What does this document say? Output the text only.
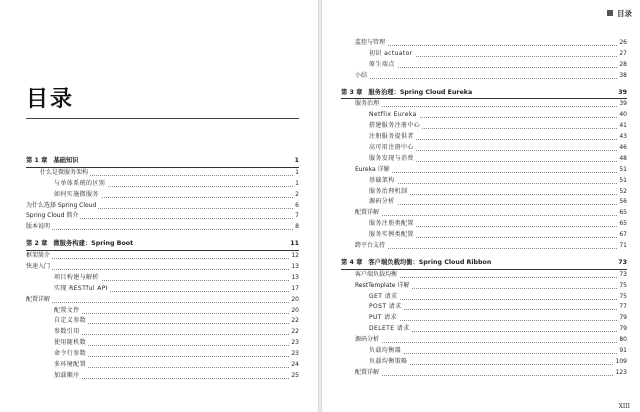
目录
第 1 章 基础知识	1
什么是微服务架构	1
与单体系统的区别	1
如何实施微服务	2
为什么选择 Spring Cloud	6
Spring Cloud 简介	7
版本说明	8
第 2 章 微服务构建：Spring Boot	11
框架简介	12
快速入门	13
项目构建与解析	13
实现 RESTful API	17
配置详解	20
配置文件	20
自定义参数	22
参数引用	22
使用随机数	23
命令行参数	23
多环境配置	24
加载顺序	25
目录
监控与管理	26
初识 actuator	27
原生端点	28
小结	38
第 3 章 服务治理：Spring Cloud Eureka	39
服务治理	39
Netflix Eureka	40
搭建服务注册中心	41
注册服务提供者	43
高可用注册中心	46
服务发现与消费	48
Eureka 详解	51
基础架构	51
服务治理机制	52
源码分析	56
配置详解	65
服务注册类配置	65
服务实例类配置	67
跨平台支持	71
第 4 章 客户端负载均衡：Spring Cloud Ribbon	73
客户端负载均衡	73
RestTemplate 详解	75
GET 请求	75
POST 请求	77
PUT 请求	79
DELETE 请求	79
源码分析	80
负载均衡器	91
负载均衡策略	109
配置详解	123
XIII
